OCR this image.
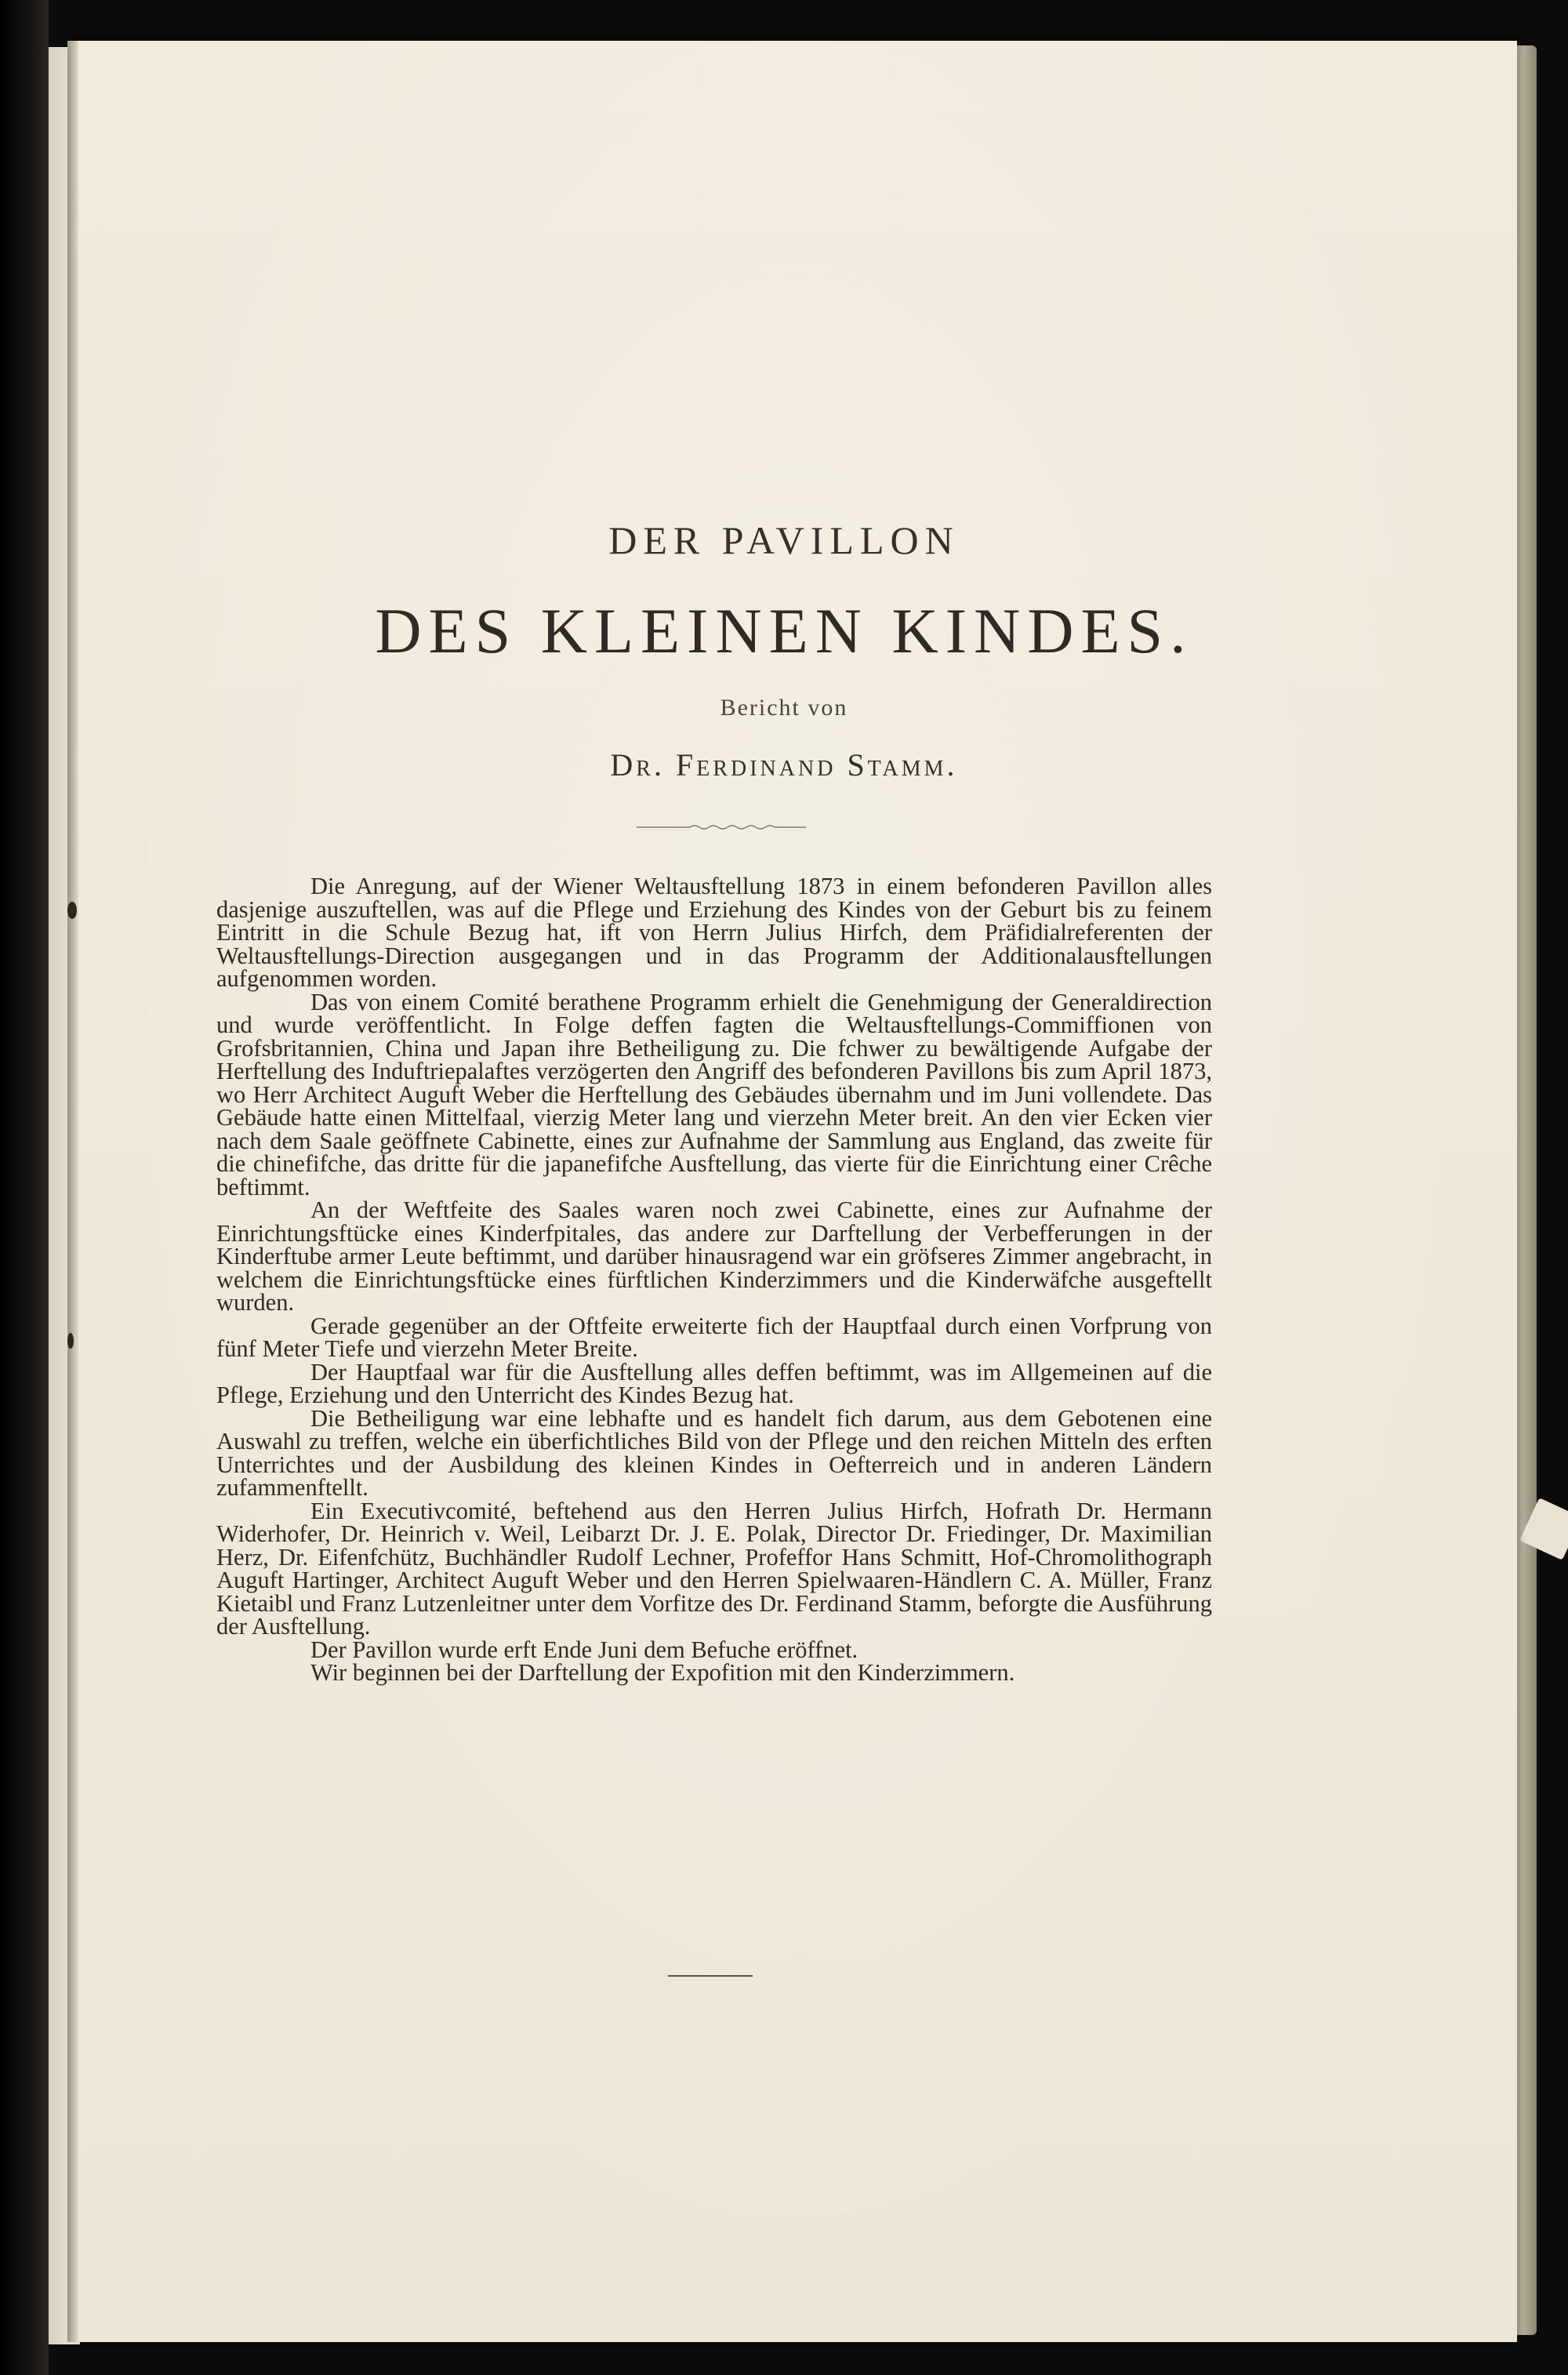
DER PAVILLON
DES KLEINEN KINDES.
Bericht von
Dr. Ferdinand Stamm.

Die Anregung, auf der Wiener Weltausftellung 1873 in einem befonderen Pavillon alles dasjenige auszuftellen, was auf die Pflege und Erziehung des Kindes von der Geburt bis zu feinem Eintritt in die Schule Bezug hat, ift von Herrn Julius Hirfch, dem Präfidialreferenten der Weltausftellungs-Direction ausgegangen und in das Programm der Additionalausftellungen aufgenommen worden.

Das von einem Comité berathene Programm erhielt die Genehmigung der Generaldirection und wurde veröffentlicht. In Folge deffen fagten die Weltausftellungs-Commiffionen von Grofsbritannien, China und Japan ihre Betheiligung zu. Die fchwer zu bewältigende Aufgabe der Herftellung des Induftriepalaftes verzögerten den Angriff des befonderen Pavillons bis zum April 1873, wo Herr Architect Auguft Weber die Herftellung des Gebäudes übernahm und im Juni vollendete. Das Gebäude hatte einen Mittelfaal, vierzig Meter lang und vierzehn Meter breit. An den vier Ecken vier nach dem Saale geöffnete Cabinette, eines zur Aufnahme der Sammlung aus England, das zweite für die chinefifche, das dritte für die japanefifche Ausftellung, das vierte für die Einrichtung einer Crêche beftimmt.

An der Weftfeite des Saales waren noch zwei Cabinette, eines zur Aufnahme der Einrichtungsftücke eines Kinderfpitales, das andere zur Darftellung der Verbefferungen in der Kinderftube armer Leute beftimmt, und darüber hinausragend war ein gröfseres Zimmer angebracht, in welchem die Einrichtungsftücke eines fürftlichen Kinderzimmers und die Kinderwäfche ausgeftellt wurden.

Gerade gegenüber an der Oftfeite erweiterte fich der Hauptfaal durch einen Vorfprung von fünf Meter Tiefe und vierzehn Meter Breite.

Der Hauptfaal war für die Ausftellung alles deffen beftimmt, was im Allgemeinen auf die Pflege, Erziehung und den Unterricht des Kindes Bezug hat.

Die Betheiligung war eine lebhafte und es handelt fich darum, aus dem Gebotenen eine Auswahl zu treffen, welche ein überfichtliches Bild von der Pflege und den reichen Mitteln des erften Unterrichtes und der Ausbildung des kleinen Kindes in Oefterreich und in anderen Ländern zufammenftellt.

Ein Executivcomité, beftehend aus den Herren Julius Hirfch, Hofrath Dr. Hermann Widerhofer, Dr. Heinrich v. Weil, Leibarzt Dr. J. E. Polak, Director Dr. Friedinger, Dr. Maximilian Herz, Dr. Eifenfchütz, Buchhändler Rudolf Lechner, Profeffor Hans Schmitt, Hof-Chromolithograph Auguft Hartinger, Architect Auguft Weber und den Herren Spielwaaren-Händlern C. A. Müller, Franz Kietaibl und Franz Lutzenleitner unter dem Vorfitze des Dr. Ferdinand Stamm, beforgte die Ausführung der Ausftellung.

Der Pavillon wurde erft Ende Juni dem Befuche eröffnet.

Wir beginnen bei der Darftellung der Expofition mit den Kinderzimmern.
